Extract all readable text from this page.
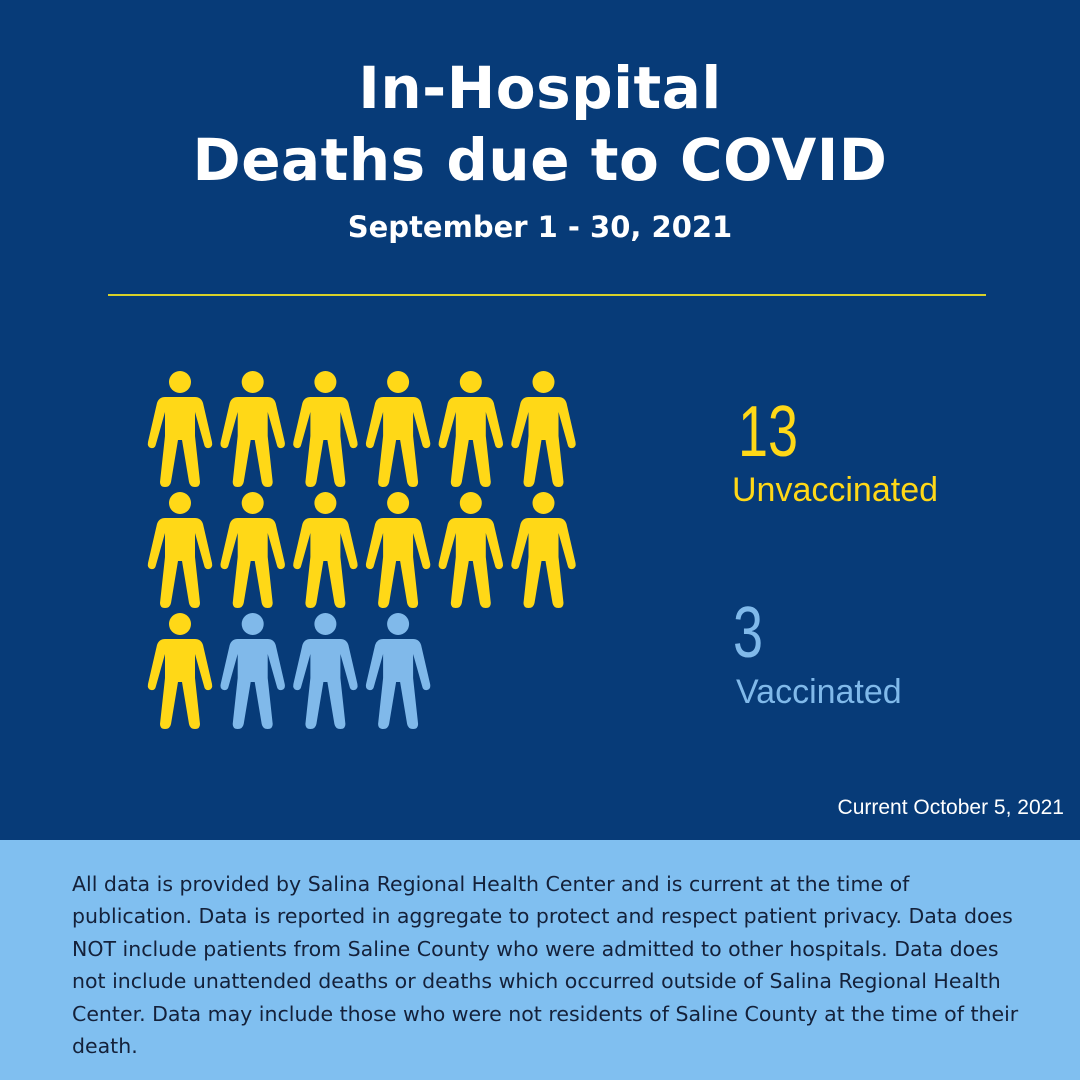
In-Hospital
Deaths due to COVID
September 1 - 30, 2021
13
Unvaccinated
3
Vaccinated
Current October 5, 2021
All data is provided by Salina Regional Health Center and is current at the time of publication. Data is reported in aggregate to protect and respect patient privacy. Data does NOT include patients from Saline County who were admitted to other hospitals. Data does not include unattended deaths or deaths which occurred outside of Salina Regional Health Center. Data may include those who were not residents of Saline County at the time of their death.
